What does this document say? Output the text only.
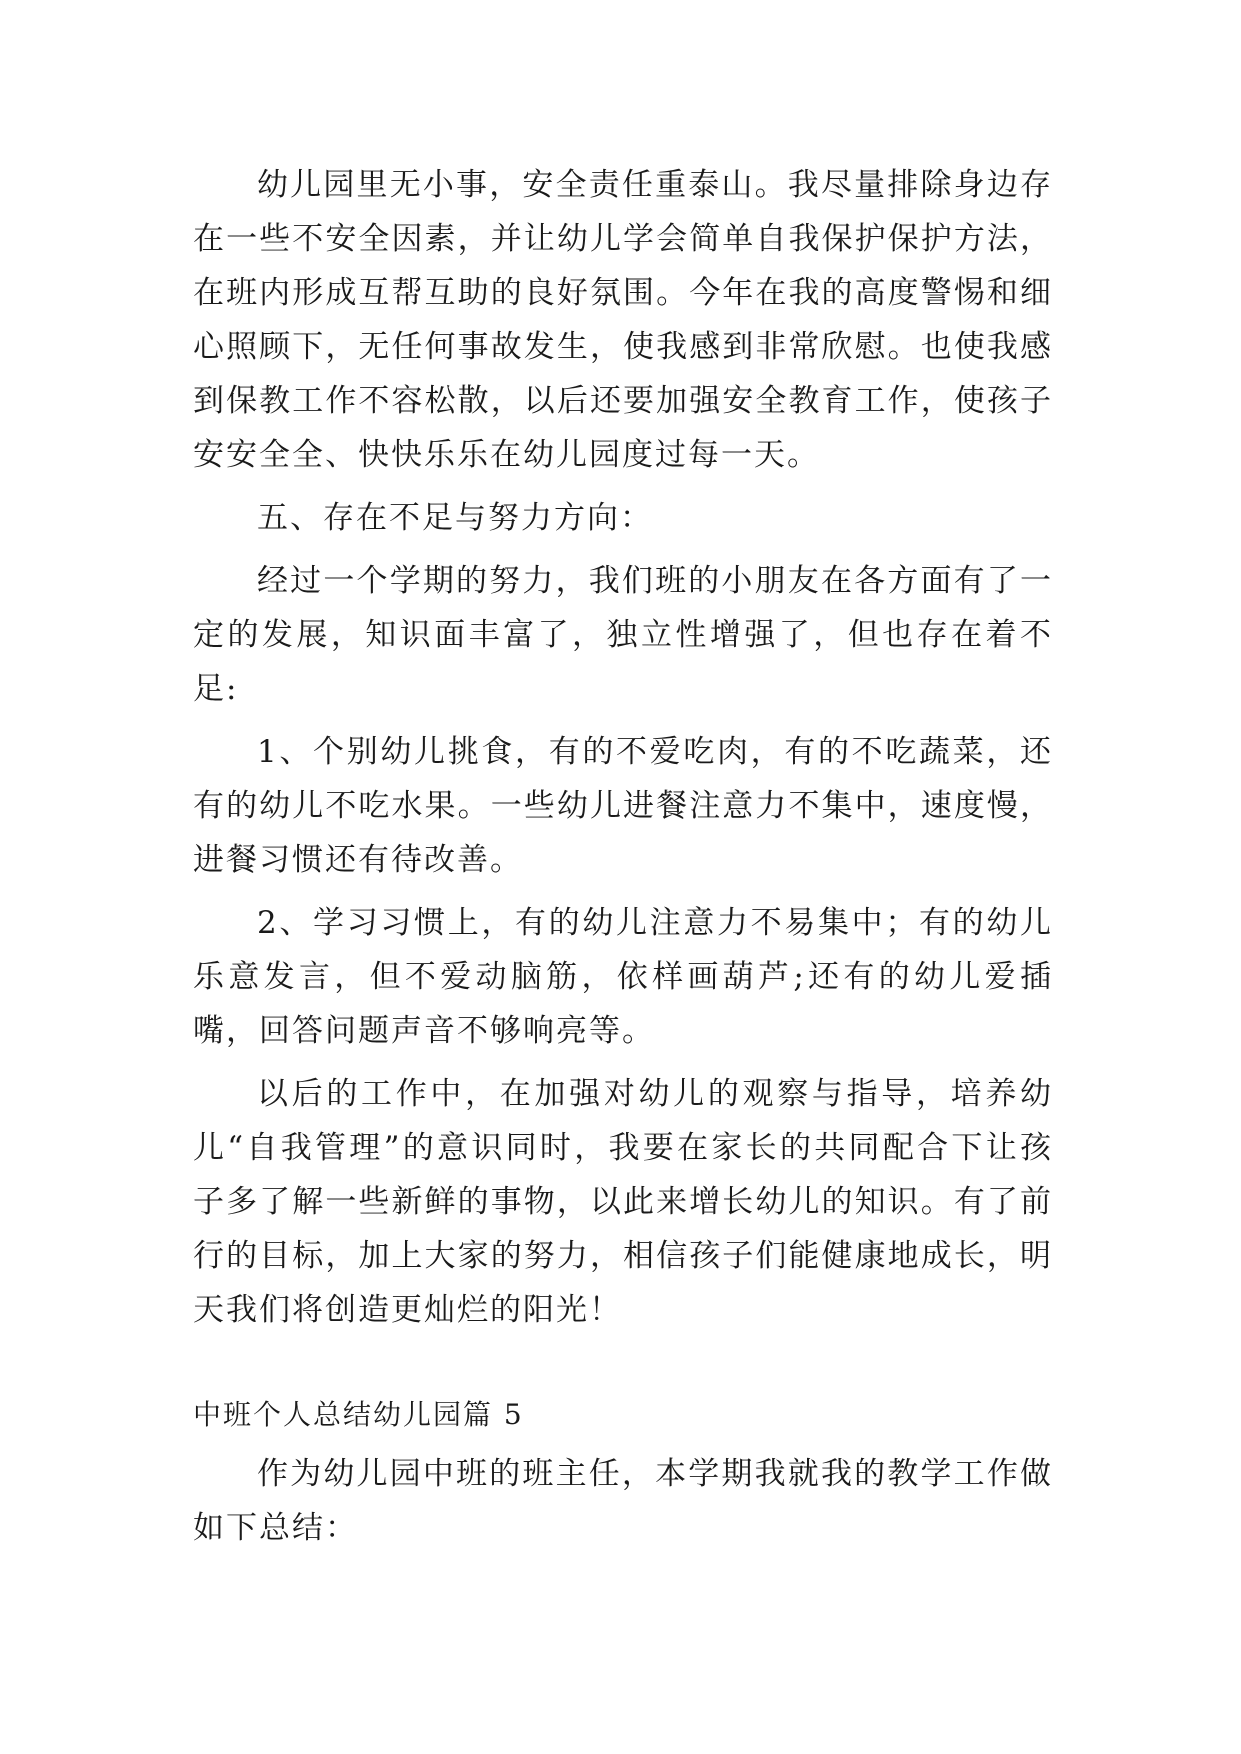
幼儿园里无小事，安全责任重泰山。我尽量排除身边存在一些不安全因素，并让幼儿学会简单自我保护保护方法，在班内形成互帮互助的良好氛围。今年在我的高度警惕和细心照顾下，无任何事故发生，使我感到非常欣慰。也使我感到保教工作不容松散，以后还要加强安全教育工作，使孩子安安全全、快快乐乐在幼儿园度过每一天。

五、存在不足与努力方向：

经过一个学期的努力，我们班的小朋友在各方面有了一定的发展，知识面丰富了，独立性增强了，但也存在着不足:

1、个别幼儿挑食，有的不爱吃肉，有的不吃蔬菜，还有的幼儿不吃水果。一些幼儿进餐注意力不集中，速度慢，进餐习惯还有待改善。

2、学习习惯上，有的幼儿注意力不易集中；有的幼儿乐意发言，但不爱动脑筋，依样画葫芦;还有的幼儿爱插嘴，回答问题声音不够响亮等。

以后的工作中，在加强对幼儿的观察与指导，培养幼儿“自我管理”的意识同时，我要在家长的共同配合下让孩子多了解一些新鲜的事物，以此来增长幼儿的知识。有了前行的目标，加上大家的努力，相信孩子们能健康地成长，明天我们将创造更灿烂的阳光！

中班个人总结幼儿园篇 5

作为幼儿园中班的班主任，本学期我就我的教学工作做如下总结：
